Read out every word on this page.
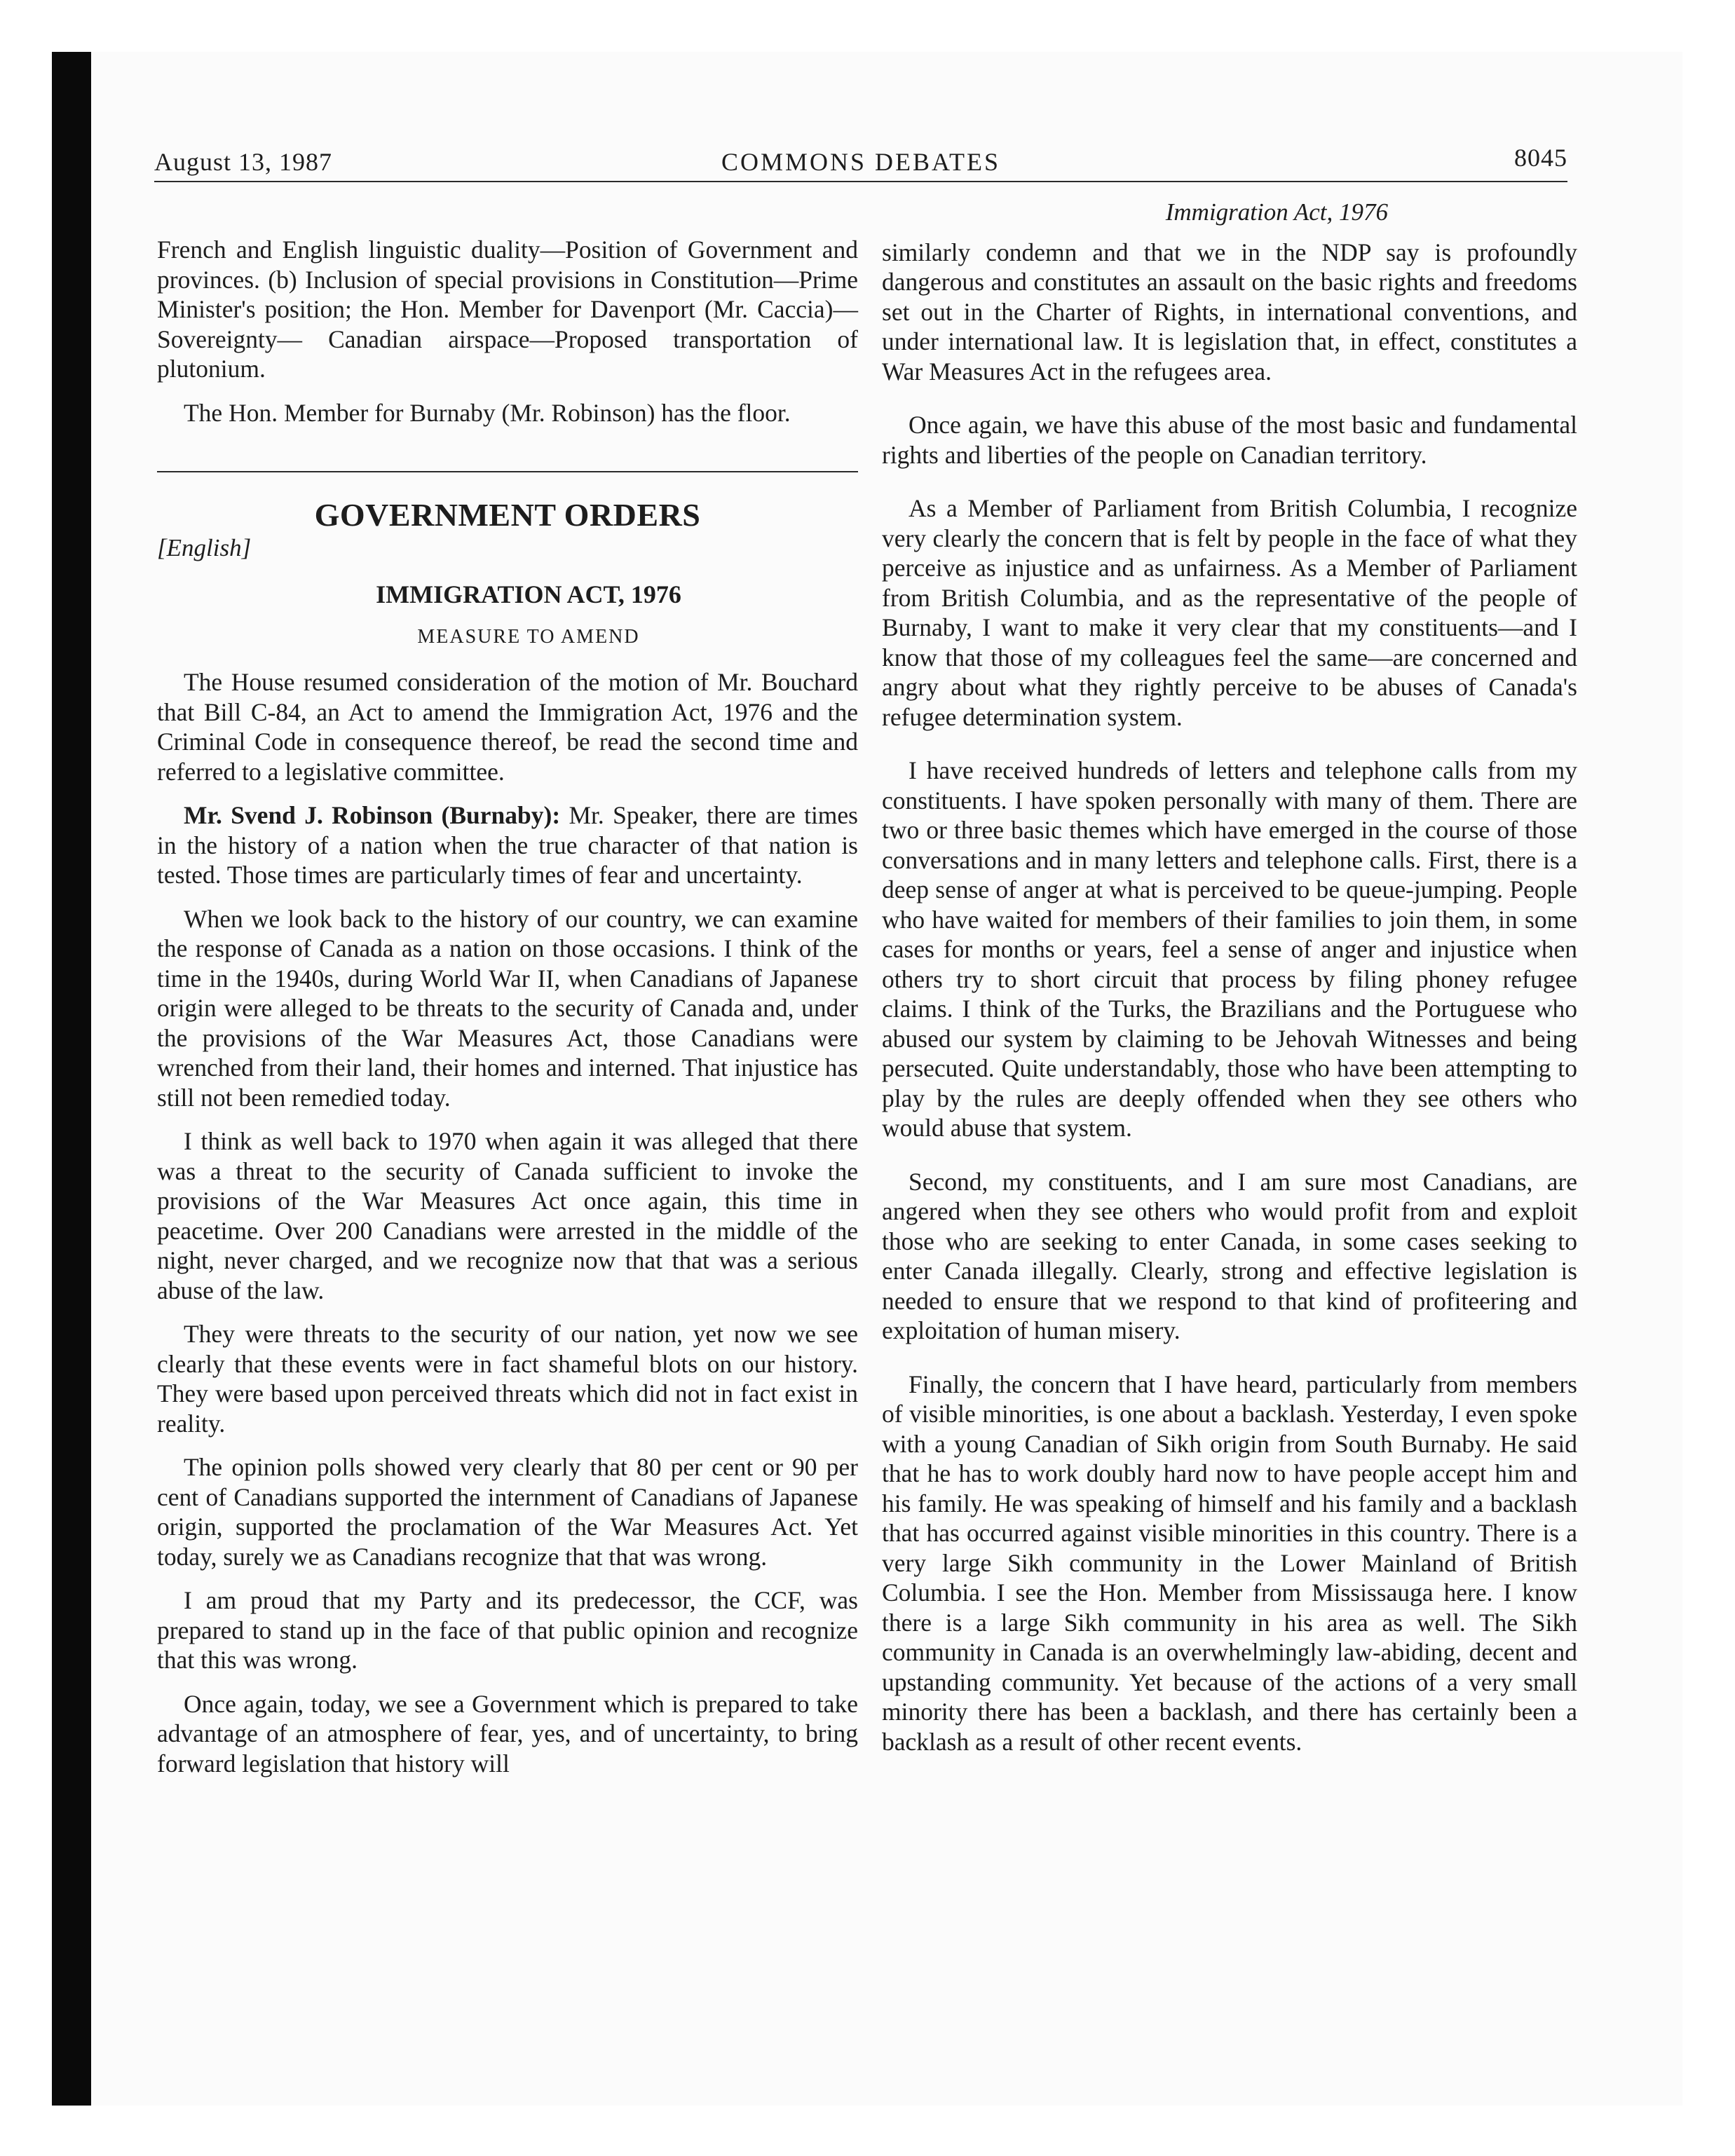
August 13, 1987	COMMONS DEBATES	8045

French and English linguistic duality—Position of Government and provinces. (b) Inclusion of special provisions in Constitution—Prime Minister's position; the Hon. Member for Davenport (Mr. Caccia)—Sovereignty— Canadian airspace—Proposed transportation of plutonium.

The Hon. Member for Burnaby (Mr. Robinson) has the floor.

GOVERNMENT ORDERS
[English]
IMMIGRATION ACT, 1976
MEASURE TO AMEND

The House resumed consideration of the motion of Mr. Bouchard that Bill C-84, an Act to amend the Immigration Act, 1976 and the Criminal Code in consequence thereof, be read the second time and referred to a legislative committee.

Mr. Svend J. Robinson (Burnaby): Mr. Speaker, there are times in the history of a nation when the true character of that nation is tested. Those times are particularly times of fear and uncertainty.

When we look back to the history of our country, we can examine the response of Canada as a nation on those occasions. I think of the time in the 1940s, during World War II, when Canadians of Japanese origin were alleged to be threats to the security of Canada and, under the provisions of the War Measures Act, those Canadians were wrenched from their land, their homes and interned. That injustice has still not been remedied today.

I think as well back to 1970 when again it was alleged that there was a threat to the security of Canada sufficient to invoke the provisions of the War Measures Act once again, this time in peacetime. Over 200 Canadians were arrested in the middle of the night, never charged, and we recognize now that that was a serious abuse of the law.

They were threats to the security of our nation, yet now we see clearly that these events were in fact shameful blots on our history. They were based upon perceived threats which did not in fact exist in reality.

The opinion polls showed very clearly that 80 per cent or 90 per cent of Canadians supported the internment of Canadians of Japanese origin, supported the proclamation of the War Measures Act. Yet today, surely we as Canadians recognize that that was wrong.

I am proud that my Party and its predecessor, the CCF, was prepared to stand up in the face of that public opinion and recognize that this was wrong.

Once again, today, we see a Government which is prepared to take advantage of an atmosphere of fear, yes, and of uncertainty, to bring forward legislation that history will

Immigration Act, 1976

similarly condemn and that we in the NDP say is profoundly dangerous and constitutes an assault on the basic rights and freedoms set out in the Charter of Rights, in international conventions, and under international law. It is legislation that, in effect, constitutes a War Measures Act in the refugees area.

Once again, we have this abuse of the most basic and fundamental rights and liberties of the people on Canadian territory.

As a Member of Parliament from British Columbia, I recognize very clearly the concern that is felt by people in the face of what they perceive as injustice and as unfairness. As a Member of Parliament from British Columbia, and as the representative of the people of Burnaby, I want to make it very clear that my constituents—and I know that those of my colleagues feel the same—are concerned and angry about what they rightly perceive to be abuses of Canada's refugee determination system.

I have received hundreds of letters and telephone calls from my constituents. I have spoken personally with many of them. There are two or three basic themes which have emerged in the course of those conversations and in many letters and telephone calls. First, there is a deep sense of anger at what is perceived to be queue-jumping. People who have waited for members of their families to join them, in some cases for months or years, feel a sense of anger and injustice when others try to short circuit that process by filing phoney refugee claims. I think of the Turks, the Brazilians and the Portuguese who abused our system by claiming to be Jehovah Witnesses and being persecuted. Quite understandably, those who have been attempting to play by the rules are deeply offended when they see others who would abuse that system.

Second, my constituents, and I am sure most Canadians, are angered when they see others who would profit from and exploit those who are seeking to enter Canada, in some cases seeking to enter Canada illegally. Clearly, strong and effective legislation is needed to ensure that we respond to that kind of profiteering and exploitation of human misery.

Finally, the concern that I have heard, particularly from members of visible minorities, is one about a backlash. Yesterday, I even spoke with a young Canadian of Sikh origin from South Burnaby. He said that he has to work doubly hard now to have people accept him and his family. He was speaking of himself and his family and a backlash that has occurred against visible minorities in this country. There is a very large Sikh community in the Lower Mainland of British Columbia. I see the Hon. Member from Mississauga here. I know there is a large Sikh community in his area as well. The Sikh community in Canada is an overwhelmingly law-abiding, decent and upstanding community. Yet because of the actions of a very small minority there has been a backlash, and there has certainly been a backlash as a result of other recent events.
